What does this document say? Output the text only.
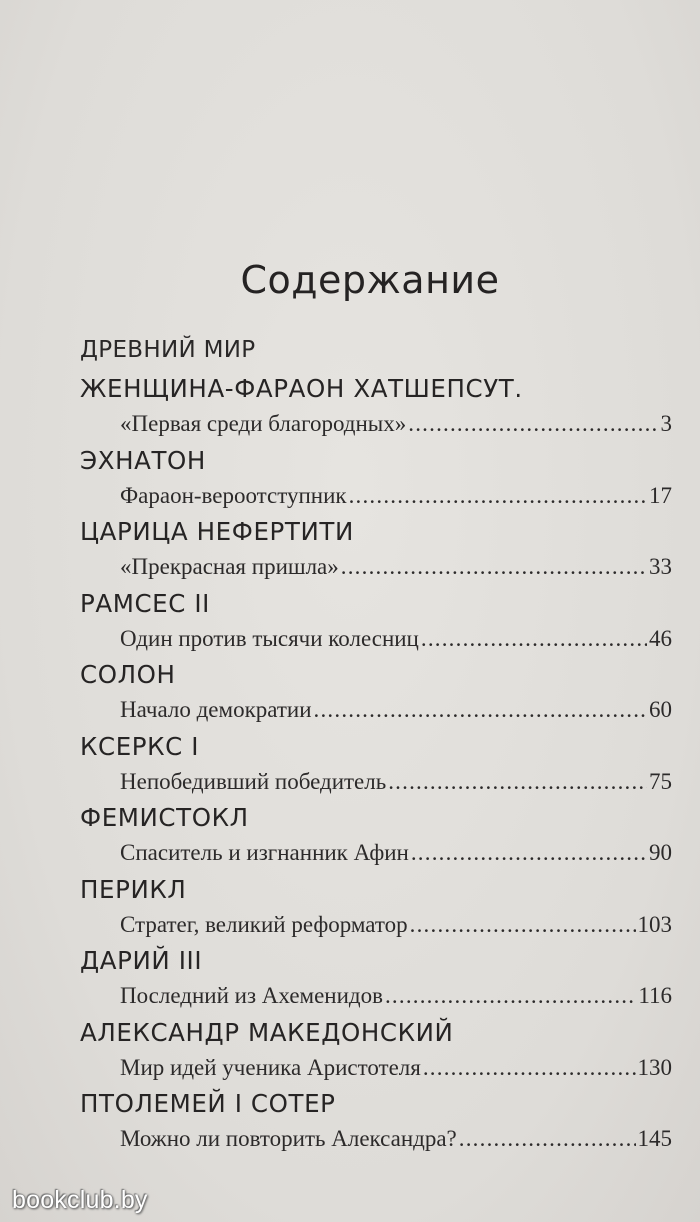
Содержание
ДРЕВНИЙ МИР
ЖЕНЩИНА-ФАРАОН ХАТШЕПСУТ.
«Первая среди благородных» .....	3
ЭХНАТОН
Фараон-вероотступник .....	17
ЦАРИЦА НЕФЕРТИТИ
«Прекрасная пришла» .....	33
РАМСЕС II
Один против тысячи колесниц .....	46
СОЛОН
Начало демократии .....	60
КСЕРКС I
Непобедивший победитель .....	75
ФЕМИСТОКЛ
Спаситель и изгнанник Афин .....	90
ПЕРИКЛ
Стратег, великий реформатор .....	103
ДАРИЙ III
Последний из Ахеменидов .....	116
АЛЕКСАНДР МАКЕДОНСКИЙ
Мир идей ученика Аристотеля .....	130
ПТОЛЕМЕЙ I СОТЕР
Можно ли повторить Александра? .....	145
bookclub.by
